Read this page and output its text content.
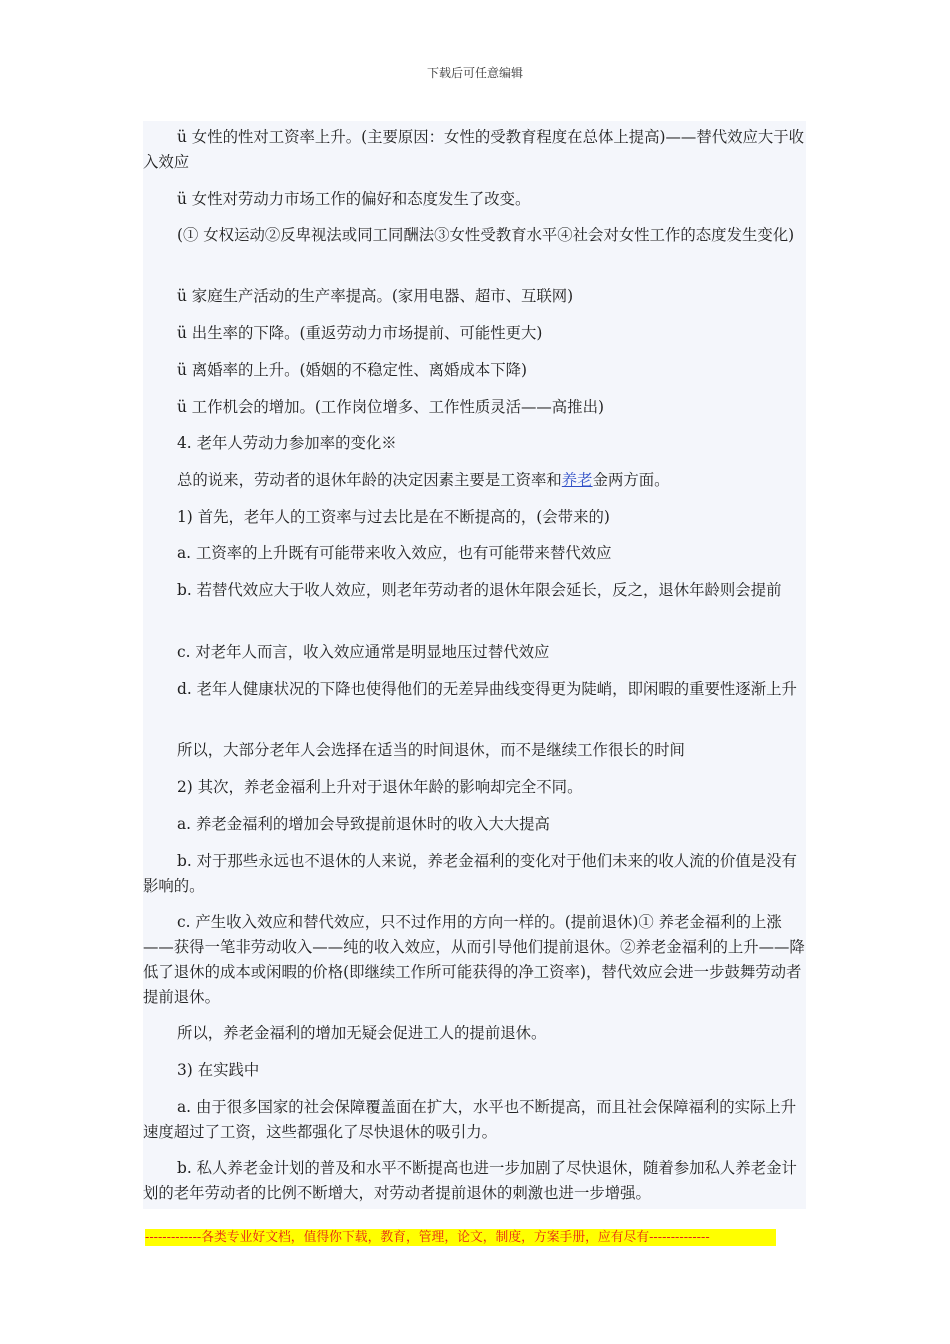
下载后可任意编辑

ü 女性的性对工资率上升。(主要原因：女性的受教育程度在总体上提高)——替代效应大于收入效应

ü 女性对劳动力市场工作的偏好和态度发生了改变。

(① 女权运动②反卑视法或同工同酬法③女性受教育水平④社会对女性工作的态度发生变化)

ü 家庭生产活动的生产率提高。(家用电器、超市、互联网)

ü 出生率的下降。(重返劳动力市场提前、可能性更大)

ü 离婚率的上升。(婚姻的不稳定性、离婚成本下降)

ü 工作机会的增加。(工作岗位增多、工作性质灵活——高推出)

4. 老年人劳动力参加率的变化※

总的说来，劳动者的退休年龄的决定因素主要是工资率和养老金两方面。

1) 首先，老年人的工资率与过去比是在不断提高的，(会带来的)

a. 工资率的上升既有可能带来收入效应，也有可能带来替代效应

b. 若替代效应大于收人效应，则老年劳动者的退休年限会延长，反之，退休年龄则会提前

c. 对老年人而言，收入效应通常是明显地压过替代效应

d. 老年人健康状况的下降也使得他们的无差异曲线变得更为陡峭，即闲暇的重要性逐渐上升

所以，大部分老年人会选择在适当的时间退休，而不是继续工作很长的时间

2) 其次，养老金福利上升对于退休年龄的影响却完全不同。

a. 养老金福利的增加会导致提前退休时的收入大大提高

b. 对于那些永远也不退休的人来说，养老金福利的变化对于他们未来的收人流的价值是没有影响的。

c. 产生收入效应和替代效应，只不过作用的方向一样的。(提前退休)① 养老金福利的上涨——获得一笔非劳动收入——纯的收入效应，从而引导他们提前退休。②养老金福利的上升——降低了退休的成本或闲暇的价格(即继续工作所可能获得的净工资率)，替代效应会进一步鼓舞劳动者提前退休。

所以，养老金福利的增加无疑会促进工人的提前退休。

3) 在实践中

a. 由于很多国家的社会保障覆盖面在扩大，水平也不断提高，而且社会保障福利的实际上升速度超过了工资，这些都强化了尽快退休的吸引力。

b. 私人养老金计划的普及和水平不断提高也进一步加剧了尽快退休，随着参加私人养老金计划的老年劳动者的比例不断增大，对劳动者提前退休的刺激也进一步增强。

-------------各类专业好文档，值得你下载，教育，管理，论文，制度，方案手册，应有尽有--------------
